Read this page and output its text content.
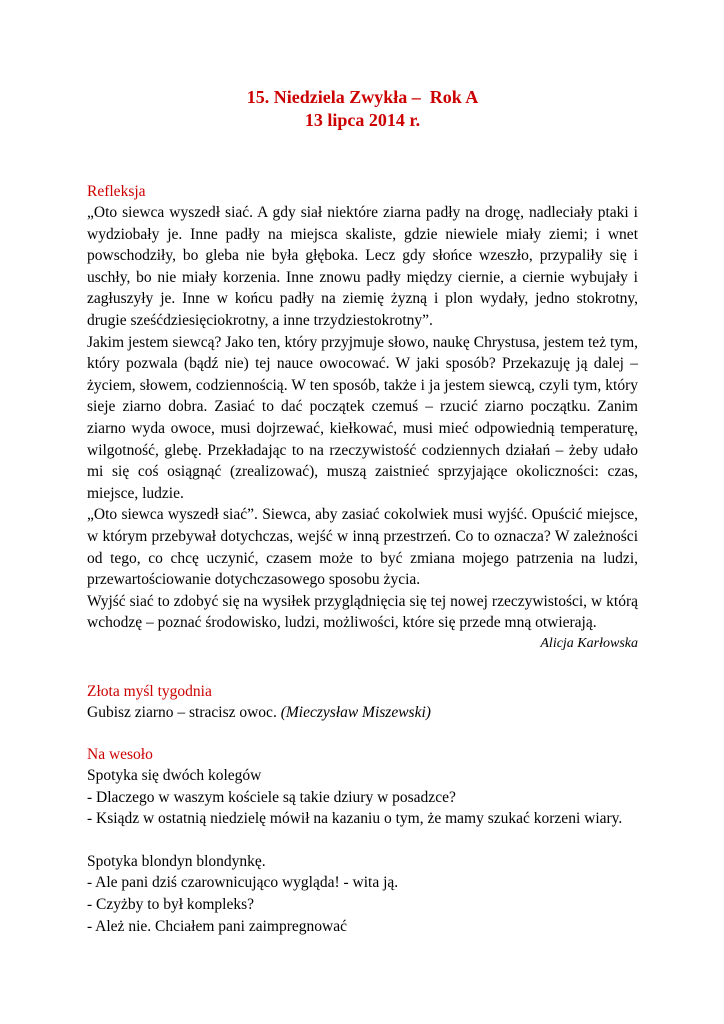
15. Niedziela Zwykła –  Rok A
13 lipca 2014 r.
Refleksja
„Oto siewca wyszedł siać. A gdy siał niektóre ziarna padły na drogę, nadleciały ptaki i wydziobały je. Inne padły na miejsca skaliste, gdzie niewiele miały ziemi; i wnet powschodziły, bo gleba nie była głęboka. Lecz gdy słońce wzeszło, przypaliły się i uschły, bo nie miały korzenia. Inne znowu padły między ciernie, a ciernie wybujały i zagłuszyły je. Inne w końcu padły na ziemię żyzną i plon wydały, jedno stokrotny, drugie sześćdziesięciokrotny, a inne trzydziestokrotny”.
Jakim jestem siewcą? Jako ten, który przyjmuje słowo, naukę Chrystusa, jestem też tym, który pozwala (bądź nie) tej nauce owocować. W jaki sposób? Przekazuję ją dalej – życiem, słowem, codziennością. W ten sposób, także i ja jestem siewcą, czyli tym, który sieje ziarno dobra. Zasiać to dać początek czemuś – rzucić ziarno początku. Zanim ziarno wyda owoce, musi dojrzewać, kiełkować, musi mieć odpowiednią temperaturę, wilgotność, glebę. Przekładając to na rzeczywistość codziennych działań – żeby udało mi się coś osiągnąć (zrealizować), muszą zaistnieć sprzyjające okoliczności: czas, miejsce, ludzie.
„Oto siewca wyszedł siać”. Siewca, aby zasiać cokolwiek musi wyjść. Opuścić miejsce, w którym przebywał dotychczas, wejść w inną przestrzeń. Co to oznacza? W zależności od tego, co chcę uczynić, czasem może to być zmiana mojego patrzenia na ludzi, przewartościowanie dotychczasowego sposobu życia.
Wyjść siać to zdobyć się na wysiłek przyglądnięcia się tej nowej rzeczywistości, w którą wchodzę – poznać środowisko, ludzi, możliwości, które się przede mną otwierają.
Alicja Karłowska
Złota myśl tygodnia
Gubisz ziarno – stracisz owoc. (Mieczysław Miszewski)
Na wesoło
Spotyka się dwóch kolegów
- Dlaczego w waszym kościele są takie dziury w posadzce?
- Ksiądz w ostatnią niedzielę mówił na kazaniu o tym, że mamy szukać korzeni wiary.
Spotyka blondyn blondynkę.
- Ale pani dziś czarownicująco wygląda! - wita ją.
- Czyżby to był kompleks?
- Ależ nie. Chciałem pani zaimpregnować
